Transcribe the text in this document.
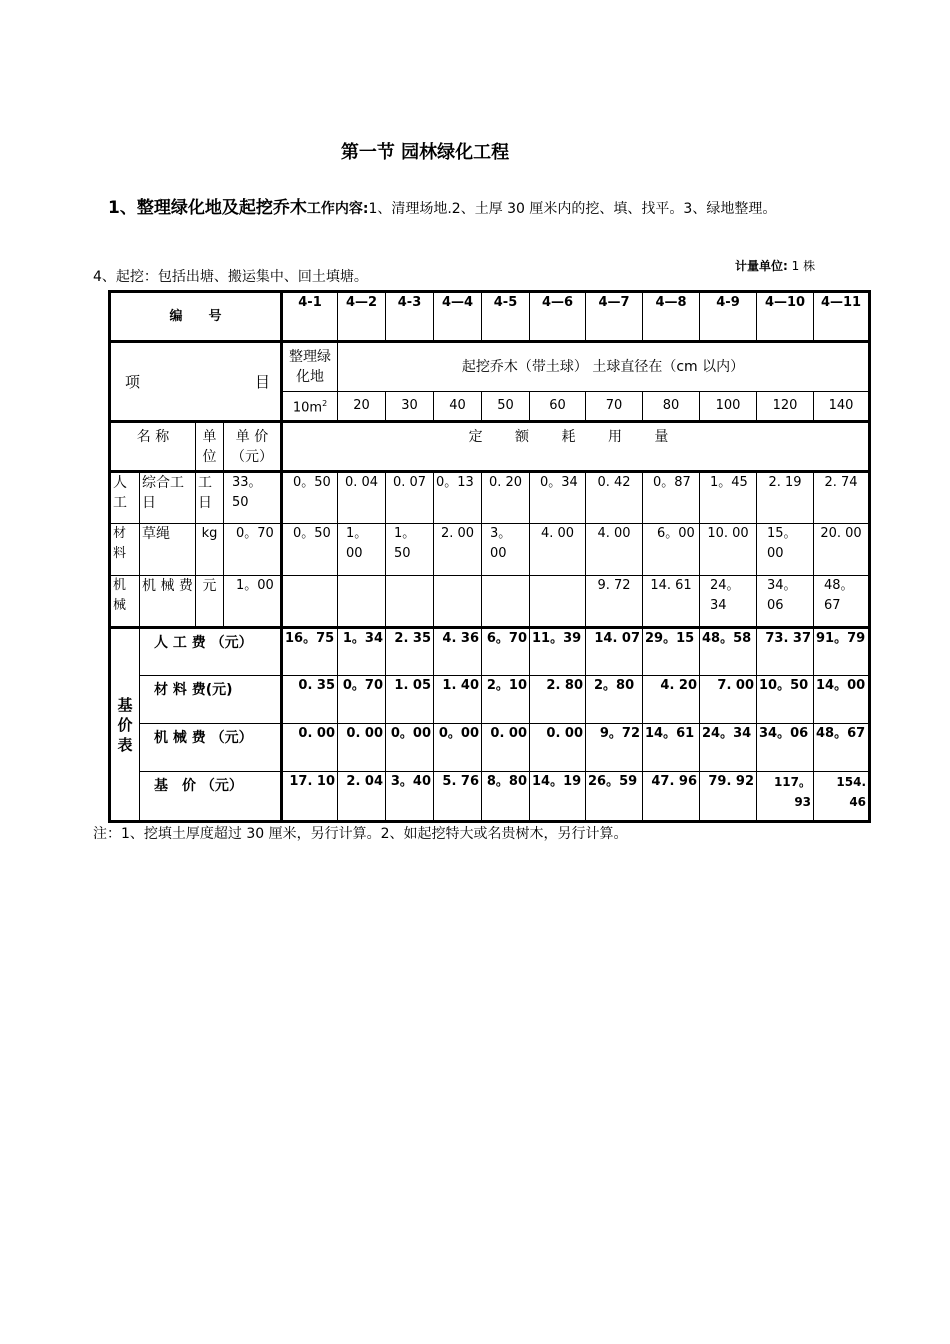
第一节 园林绿化工程
1、整理绿化地及起挖乔木工作内容:1、清理场地.2、土厚 30 厘米内的挖、填、找平。3、绿地整理。
4、起挖：包括出塘、搬运集中、回土填塘。
计量单位: 1 株
编　　号				4-1	4—2	4-3	4—4	4-5	4—6	4—7	4—8	4-9	4—10	4—11
项 目				整理绿化地	起挖乔木（带土球） 土球直径在（cm 以内）									
				$10m^2$	20	30	40	50	60	70	80	100	120	140
名 称		单位	单 价（元）	定 额 耗 用 量										
人工	综合工日	工日	33。50	0。50	0. 04	0. 07	0。13	0. 20	0。34	0. 42	0。87	1。45	2. 19	2. 74
材料	草绳	kg	0。70	0。50	1。00	1。50	2. 00	3。00	4. 00	4. 00	6。00	10. 00	15。00	20. 00
机械	机 械 费	元	1。00							9. 72	14. 61	24。34	34。06	48。67
基价表	人 工 费 （元）			16。75	1。34	2. 35	4. 36	6。70	11。39	14. 07	29。15	48。58	73. 37	91。79
	材 料 费(元)			0. 35	0。70	1. 05	1. 40	2。10	2. 80	2。80	4. 20	7. 00	10。50	14。00
	机 械 费 （元）			0. 00	0. 00	0。00	0。00	0. 00	0. 00	9。72	14。61	24。34	34。06	48。67
	基　价 （元）			17. 10	2. 04	3。40	5. 76	8。80	14。19	26。59	47. 96	79. 92	117。93	154. 46
注：1、挖填土厚度超过 30 厘米，另行计算。2、如起挖特大或名贵树木，另行计算。
